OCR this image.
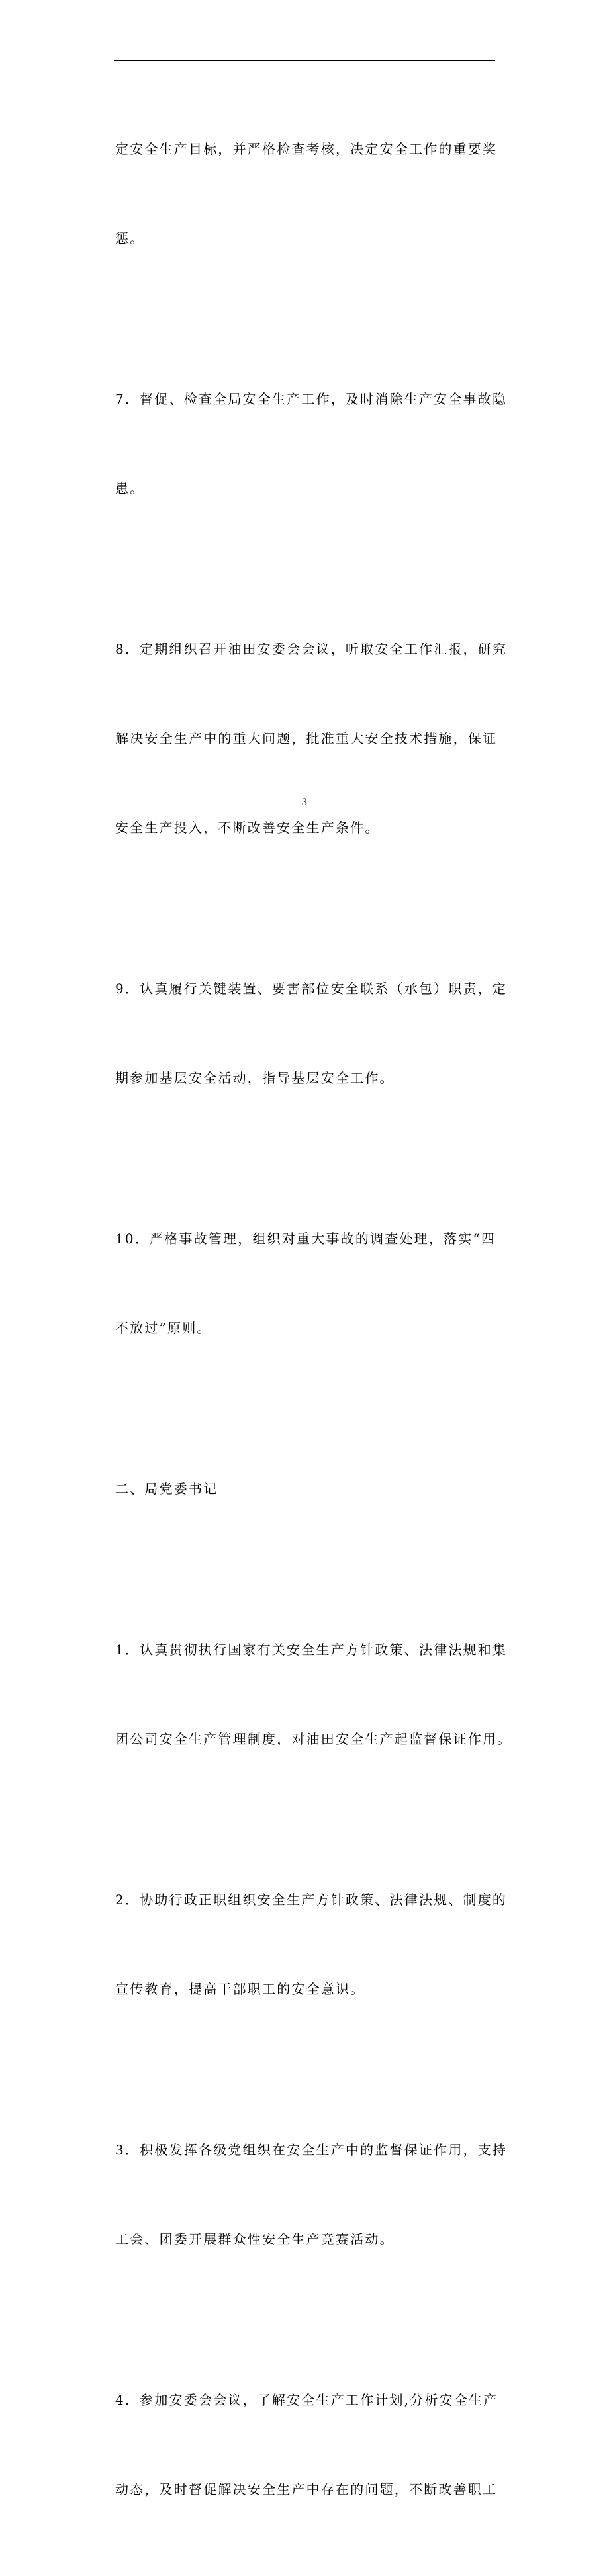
定安全生产目标，并严格检查考核，决定安全工作的重要奖

惩。

7．督促、检查全局安全生产工作，及时消除生产安全事故隐

患。

8．定期组织召开油田安委会会议，听取安全工作汇报，研究

解决安全生产中的重大问题，批准重大安全技术措施，保证

安全生产投入，不断改善安全生产条件。

9．认真履行关键装置、要害部位安全联系（承包）职责，定

期参加基层安全活动，指导基层安全工作。

10．严格事故管理，组织对重大事故的调查处理，落实“四

不放过”原则。

二、局党委书记

1．认真贯彻执行国家有关安全生产方针政策、法律法规和集

团公司安全生产管理制度，对油田安全生产起监督保证作用。

2．协助行政正职组织安全生产方针政策、法律法规、制度的

宣传教育，提高干部职工的安全意识。

3．积极发挥各级党组织在安全生产中的监督保证作用，支持

工会、团委开展群众性安全生产竞赛活动。

4．参加安委会会议，了解安全生产工作计划,分析安全生产

动态，及时督促解决安全生产中存在的问题，不断改善职工

3
